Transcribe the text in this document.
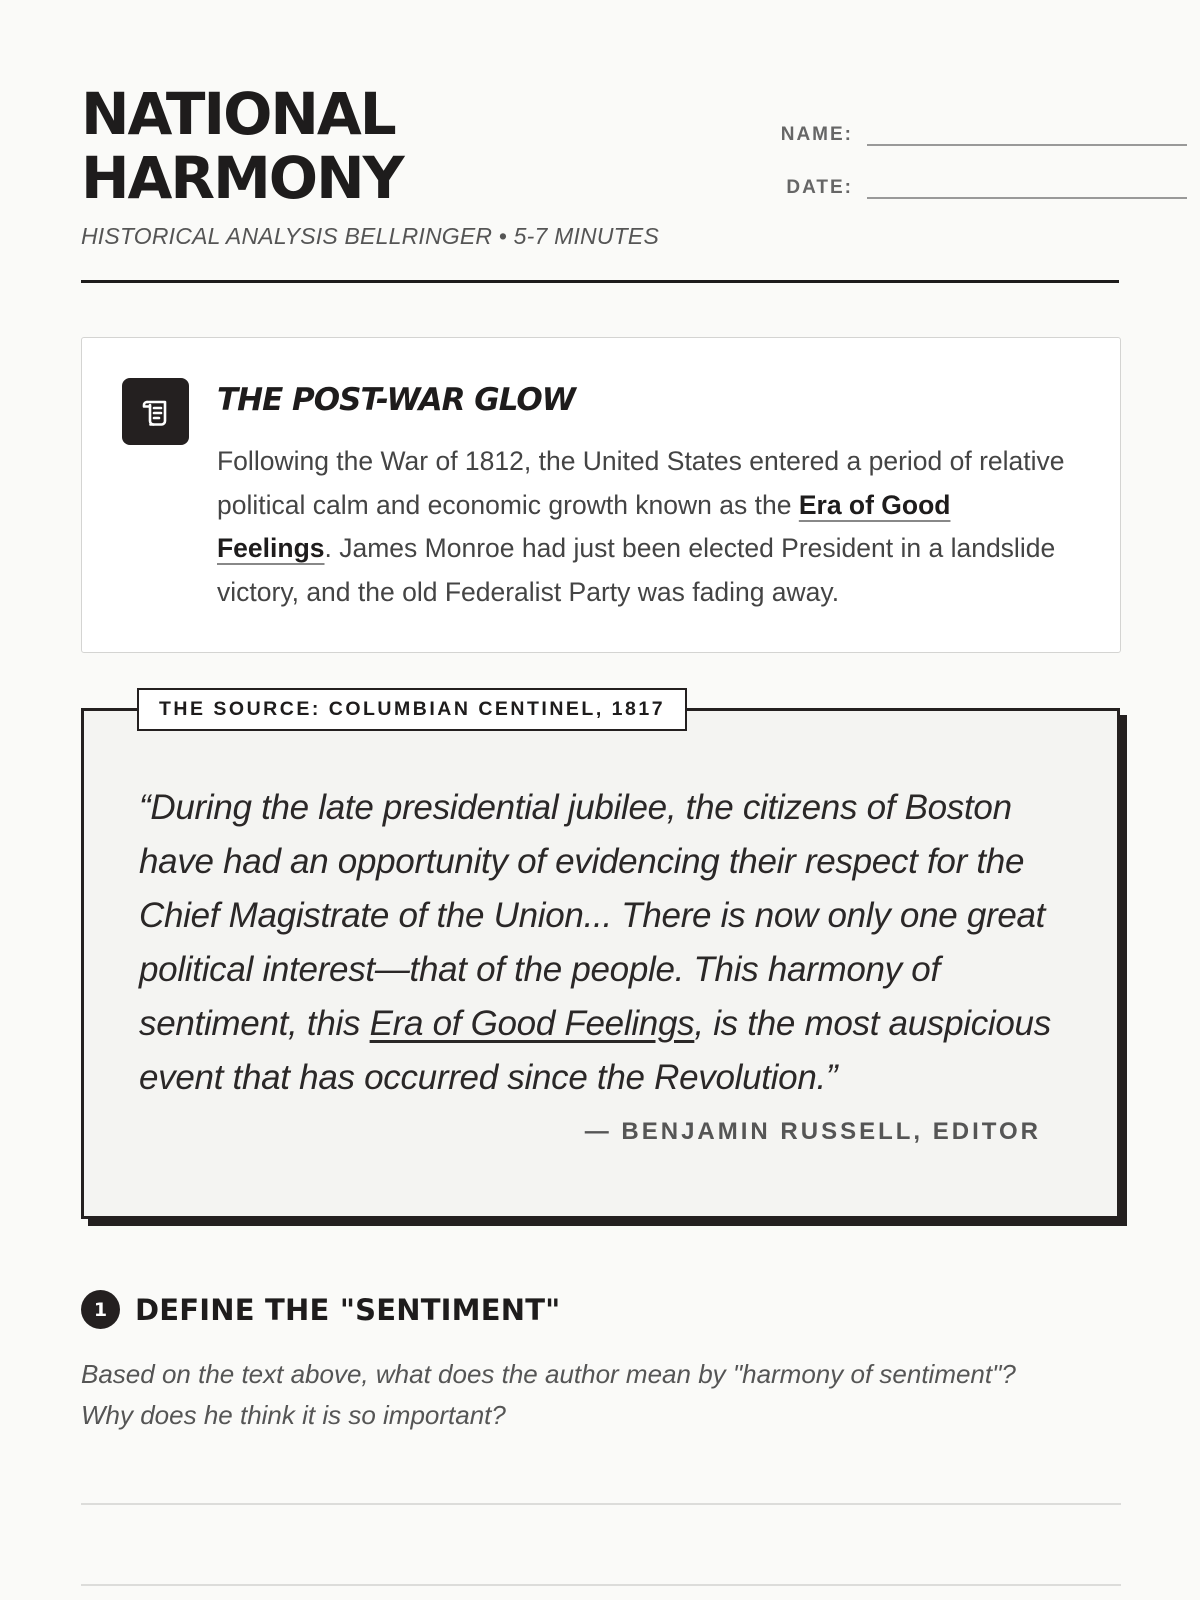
NATIONAL
HARMONY
HISTORICAL ANALYSIS BELLRINGER • 5-7 MINUTES
NAME:
DATE:
THE POST-WAR GLOW

Following the War of 1812, the United States entered a period of relative political calm and economic growth known as the Era of Good Feelings. James Monroe had just been elected President in a landslide victory, and the old Federalist Party was fading away.

THE SOURCE: COLUMBIAN CENTINEL, 1817

“During the late presidential jubilee, the citizens of Boston have had an opportunity of evidencing their respect for the Chief Magistrate of the Union... There is now only one great political interest—that of the people. This harmony of sentiment, this Era of Good Feelings, is the most auspicious event that has occurred since the Revolution.”

— BENJAMIN RUSSELL, EDITOR
1 DEFINE THE "SENTIMENT"
Based on the text above, what does the author mean by "harmony of sentiment"?
Why does he think it is so important?
